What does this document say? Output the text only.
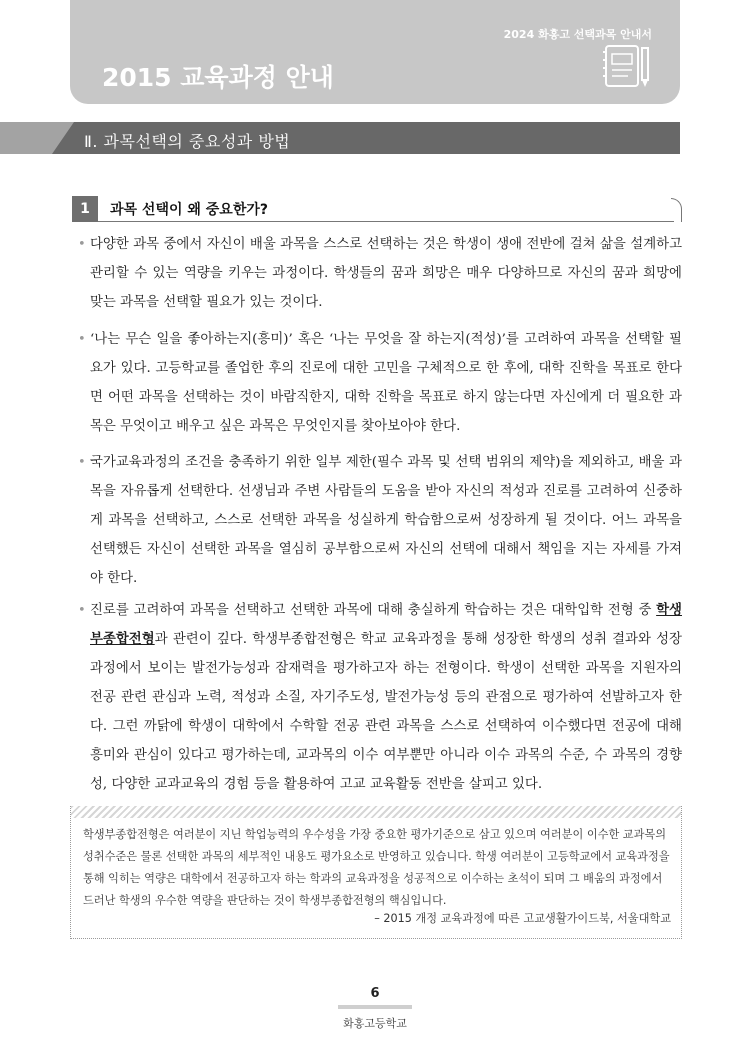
2024 화홍고 선택과목 안내서
2015 교육과정 안내
Ⅱ. 과목선택의 중요성과 방법
1	과목 선택이 왜 중요한가?
• 다양한 과목 중에서 자신이 배울 과목을 스스로 선택하는 것은 학생이 생애 전반에 걸쳐 삶을 설계하고 관리할 수 있는 역량을 키우는 과정이다. 학생들의 꿈과 희망은 매우 다양하므로 자신의 꿈과 희망에 맞는 과목을 선택할 필요가 있는 것이다.
• ‘나는 무슨 일을 좋아하는지(흥미)’ 혹은 ‘나는 무엇을 잘 하는지(적성)’를 고려하여 과목을 선택할 필요가 있다. 고등학교를 졸업한 후의 진로에 대한 고민을 구체적으로 한 후에, 대학 진학을 목표로 한다면 어떤 과목을 선택하는 것이 바람직한지, 대학 진학을 목표로 하지 않는다면 자신에게 더 필요한 과목은 무엇이고 배우고 싶은 과목은 무엇인지를 찾아보아야 한다.
• 국가교육과정의 조건을 충족하기 위한 일부 제한(필수 과목 및 선택 범위의 제약)을 제외하고, 배울 과목을 자유롭게 선택한다. 선생님과 주변 사람들의 도움을 받아 자신의 적성과 진로를 고려하여 신중하게 과목을 선택하고, 스스로 선택한 과목을 성실하게 학습함으로써 성장하게 될 것이다. 어느 과목을 선택했든 자신이 선택한 과목을 열심히 공부함으로써 자신의 선택에 대해서 책임을 지는 자세를 가져야 한다.
• 진로를 고려하여 과목을 선택하고 선택한 과목에 대해 충실하게 학습하는 것은 대학입학 전형 중 학생부종합전형과 관련이 깊다. 학생부종합전형은 학교 교육과정을 통해 성장한 학생의 성취 결과와 성장 과정에서 보이는 발전가능성과 잠재력을 평가하고자 하는 전형이다. 학생이 선택한 과목을 지원자의 전공 관련 관심과 노력, 적성과 소질, 자기주도성, 발전가능성 등의 관점으로 평가하여 선발하고자 한다. 그런 까닭에 학생이 대학에서 수학할 전공 관련 과목을 스스로 선택하여 이수했다면 전공에 대해 흥미와 관심이 있다고 평가하는데, 교과목의 이수 여부뿐만 아니라 이수 과목의 수준, 수 과목의 경향성, 다양한 교과교육의 경험 등을 활용하여 고교 교육활동 전반을 살피고 있다.
학생부종합전형은 여러분이 지닌 학업능력의 우수성을 가장 중요한 평가기준으로 삼고 있으며 여러분이 이수한 교과목의 성취수준은 물론 선택한 과목의 세부적인 내용도 평가요소로 반영하고 있습니다. 학생 여러분이 고등학교에서 교육과정을 통해 익히는 역량은 대학에서 전공하고자 하는 학과의 교육과정을 성공적으로 이수하는 초석이 되며 그 배움의 과정에서 드러난 학생의 우수한 역량을 판단하는 것이 학생부종합전형의 핵심입니다.
– 2015 개정 교육과정에 따른 고교생활가이드북, 서울대학교
6
화홍고등학교
